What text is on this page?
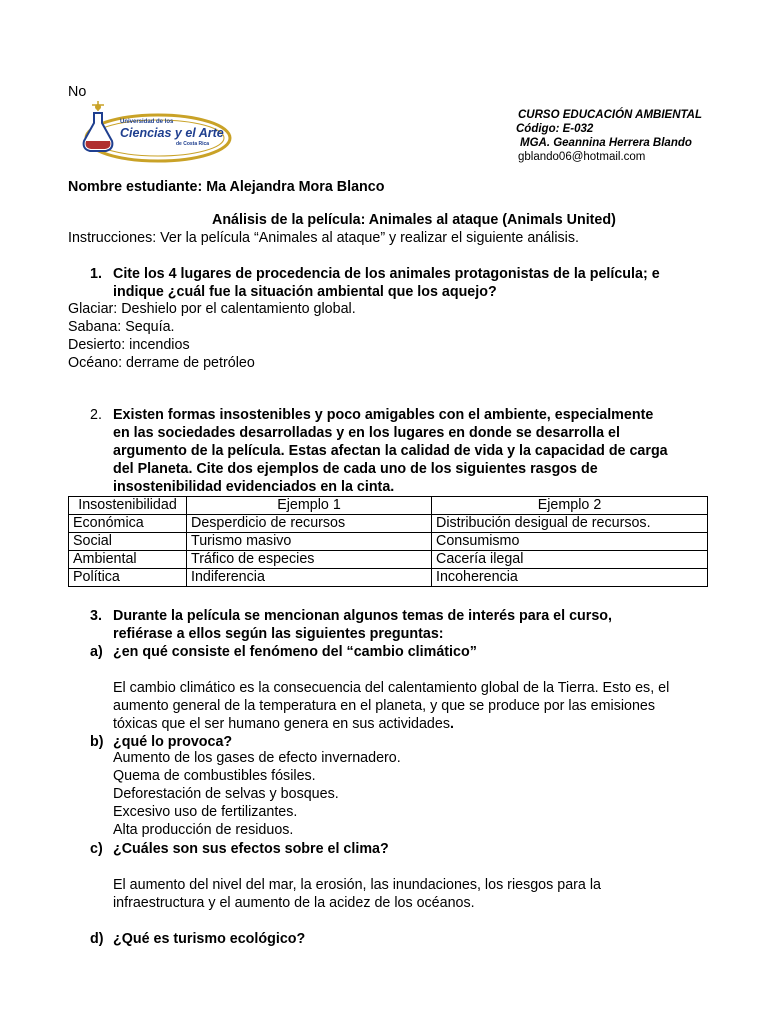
No
Universidad de los
Ciencias y el Arte
de Costa Rica
CURSO EDUCACIÓN AMBIENTAL
Código: E-032
MGA. Geannina Herrera Blando
gblando06@hotmail.com
Nombre estudiante: Ma Alejandra Mora Blanco
Análisis de la película: Animales al ataque (Animals United)
Instrucciones: Ver la película “Animales al ataque” y realizar el siguiente análisis.
1. Cite los 4 lugares de procedencia de los animales protagonistas de la película; e
indique ¿cuál fue la situación ambiental que los aquejo?
Glaciar: Deshielo por el calentamiento global.
Sabana: Sequía.
Desierto: incendios
Océano: derrame de petróleo
2. Existen formas insostenibles y poco amigables con el ambiente, especialmente
en las sociedades desarrolladas y en los lugares en donde se desarrolla el
argumento de la película. Estas afectan la calidad de vida y la capacidad de carga
del Planeta. Cite dos ejemplos de cada uno de los siguientes rasgos de
insostenibilidad evidenciados en la cinta.
Insostenibilidad	Ejemplo 1	Ejemplo 2
Económica	Desperdicio de recursos	Distribución desigual de recursos.
Social	Turismo masivo	Consumismo
Ambiental	Tráfico de especies	Cacería ilegal
Política	Indiferencia	Incoherencia
3. Durante la película se mencionan algunos temas de interés para el curso,
refiérase a ellos según las siguientes preguntas:
a) ¿en qué consiste el fenómeno del “cambio climático”
El cambio climático es la consecuencia del calentamiento global de la Tierra. Esto es, el
aumento general de la temperatura en el planeta, y que se produce por las emisiones
tóxicas que el ser humano genera en sus actividades.
b) ¿qué lo provoca?
Aumento de los gases de efecto invernadero.
Quema de combustibles fósiles.
Deforestación de selvas y bosques.
Excesivo uso de fertilizantes.
Alta producción de residuos.
c) ¿Cuáles son sus efectos sobre el clima?
El aumento del nivel del mar, la erosión, las inundaciones, los riesgos para la
infraestructura y el aumento de la acidez de los océanos.
d) ¿Qué es turismo ecológico?
